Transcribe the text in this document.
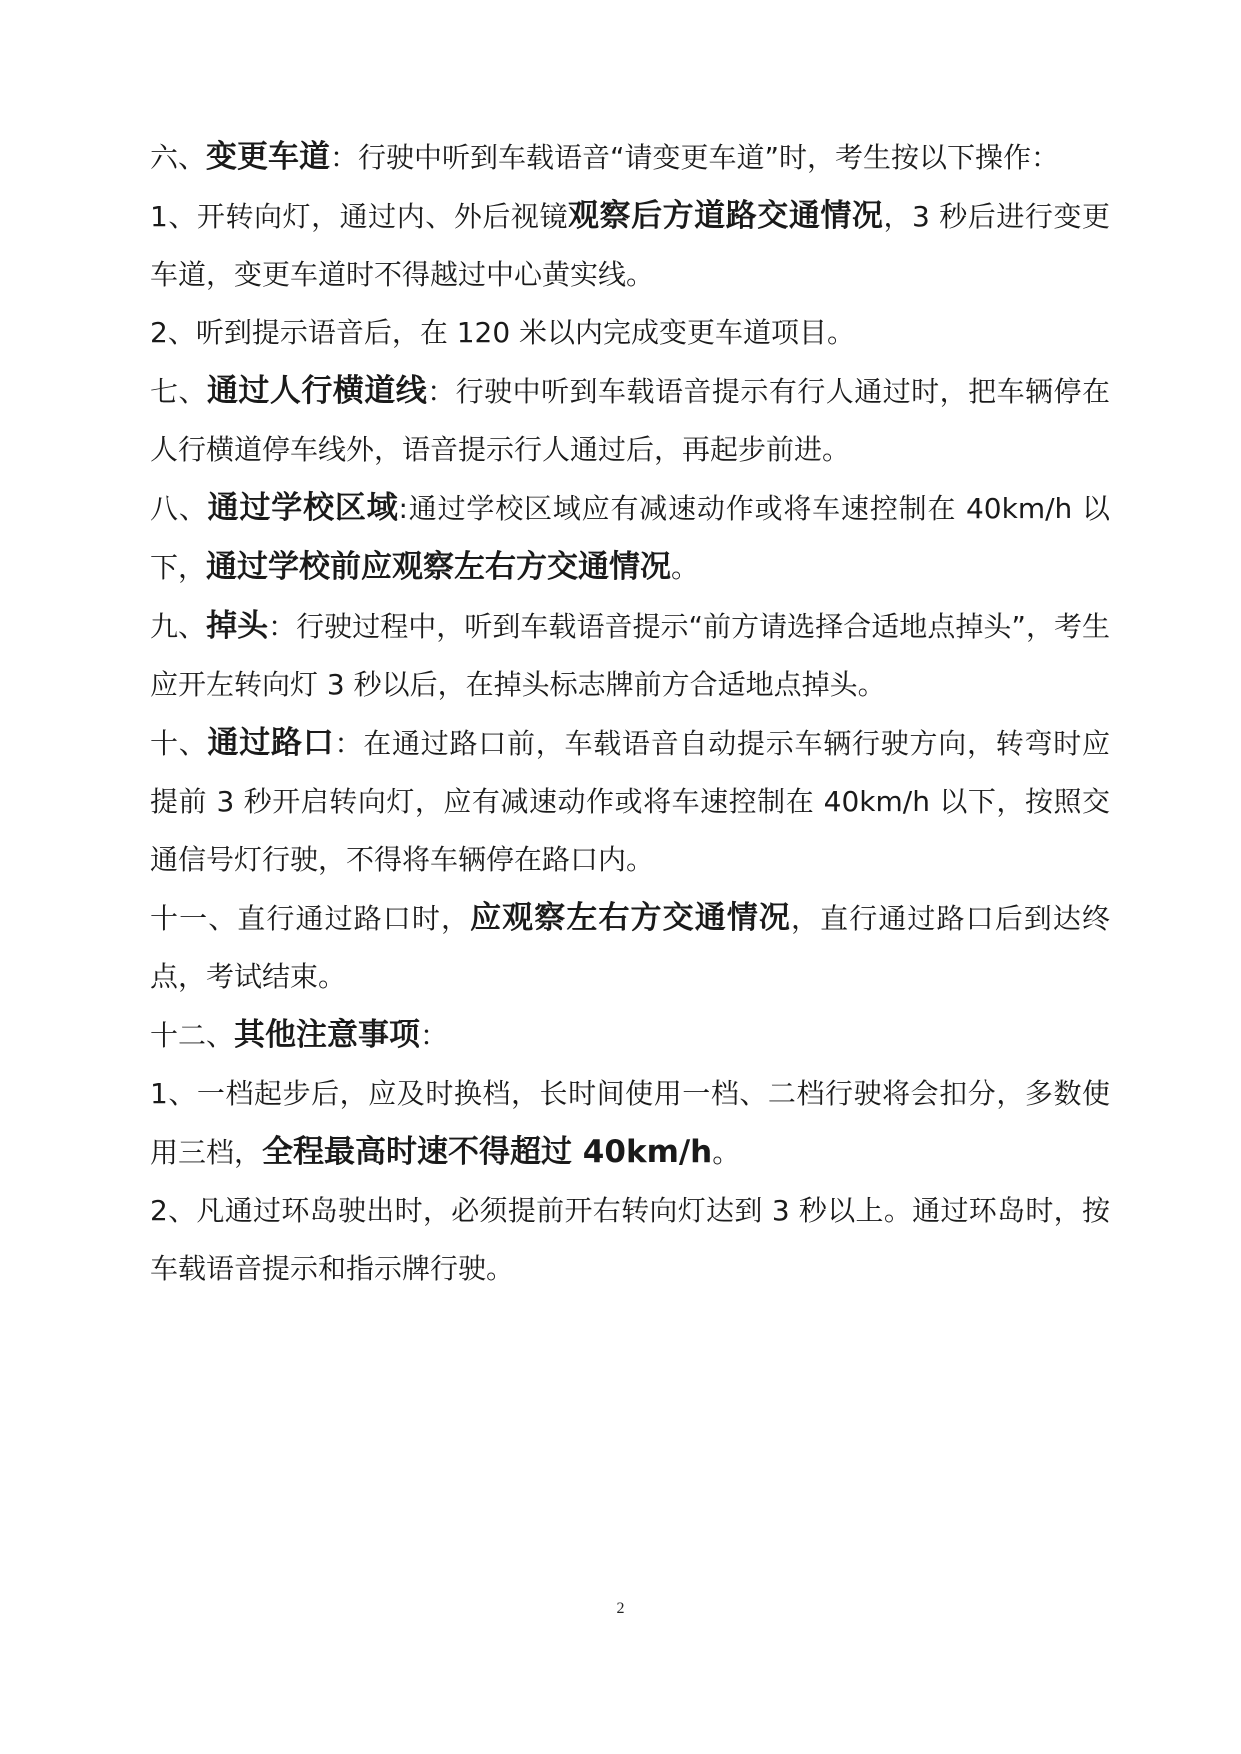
六、变更车道：行驶中听到车载语音“请变更车道”时，考生按以下操作：

1、开转向灯，通过内、外后视镜观察后方道路交通情况，3 秒后进行变更车道，变更车道时不得越过中心黄实线。

2、听到提示语音后，在 120 米以内完成变更车道项目。

七、通过人行横道线：行驶中听到车载语音提示有行人通过时，把车辆停在人行横道停车线外，语音提示行人通过后，再起步前进。

八、通过学校区域:通过学校区域应有减速动作或将车速控制在 40km/h 以下，通过学校前应观察左右方交通情况。

九、掉头：行驶过程中，听到车载语音提示“前方请选择合适地点掉头”，考生应开左转向灯 3 秒以后，在掉头标志牌前方合适地点掉头。

十、通过路口：在通过路口前，车载语音自动提示车辆行驶方向，转弯时应提前 3 秒开启转向灯，应有减速动作或将车速控制在 40km/h 以下，按照交通信号灯行驶，不得将车辆停在路口内。

十一、直行通过路口时，应观察左右方交通情况，直行通过路口后到达终点，考试结束。

十二、其他注意事项：

1、一档起步后，应及时换档，长时间使用一档、二档行驶将会扣分，多数使用三档，全程最高时速不得超过 40km/h。

2、凡通过环岛驶出时，必须提前开右转向灯达到 3 秒以上。通过环岛时，按车载语音提示和指示牌行驶。

2
